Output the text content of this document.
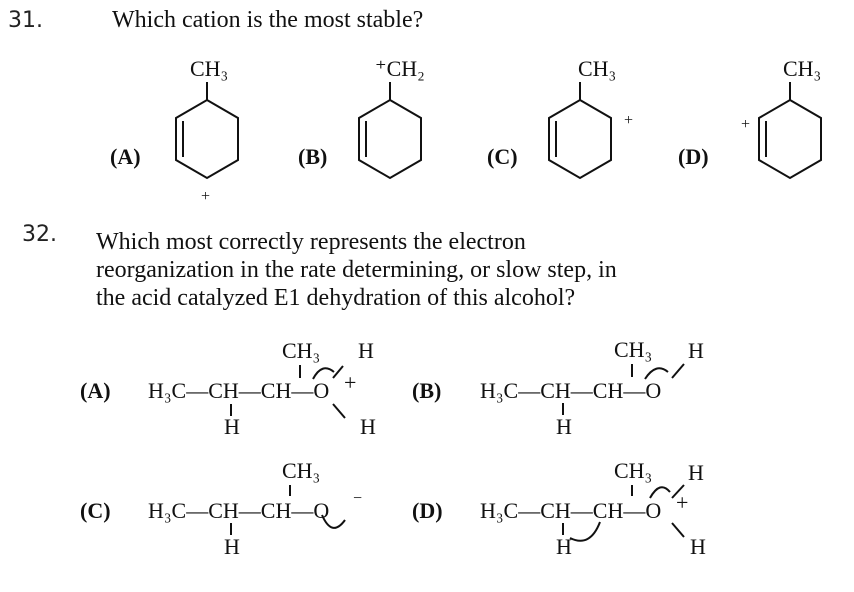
31.	Which cation is the most stable?
(A)
CH₃
+
(B)
⁺CH₂
(C)
CH₃
+
(D)
CH₃
+
32. Which most correctly represents the electron
reorganization in the rate determining, or slow step, in
the acid catalyzed E1 dehydration of this alcohol?
(A) H₃C—CH—CH—O
CH₃ H
H	H
+	(B) H₃C—CH—CH—O
CH₃ H
H
(C) H₃C—CH—CH—O
CH₃
H
− (D) H₃C—CH—CH—O
CH₃ H
H	H
+
